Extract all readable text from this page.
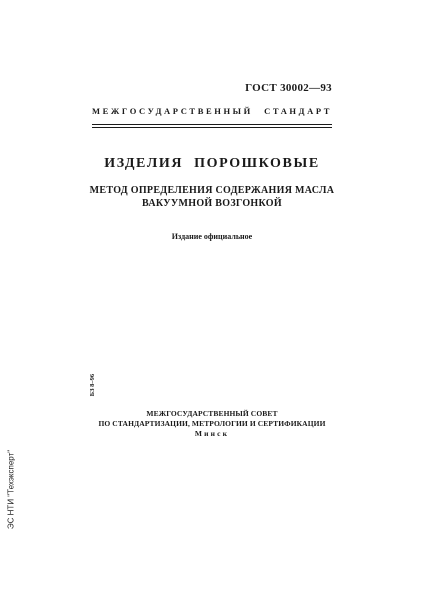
ГОСТ 30002—93
МЕЖГОСУДАРСТВЕННЫЙ СТАНДАРТ
ИЗДЕЛИЯ ПОРОШКОВЫЕ
МЕТОД ОПРЕДЕЛЕНИЯ СОДЕРЖАНИЯ МАСЛА
ВАКУУМНОЙ ВОЗГОНКОЙ
Издание официальное
БЗ 8–96
МЕЖГОСУДАРСТВЕННЫЙ СОВЕТ
ПО СТАНДАРТИЗАЦИИ, МЕТРОЛОГИИ И СЕРТИФИКАЦИИ
Минск
ЭС НТИ "Техэксперт"
